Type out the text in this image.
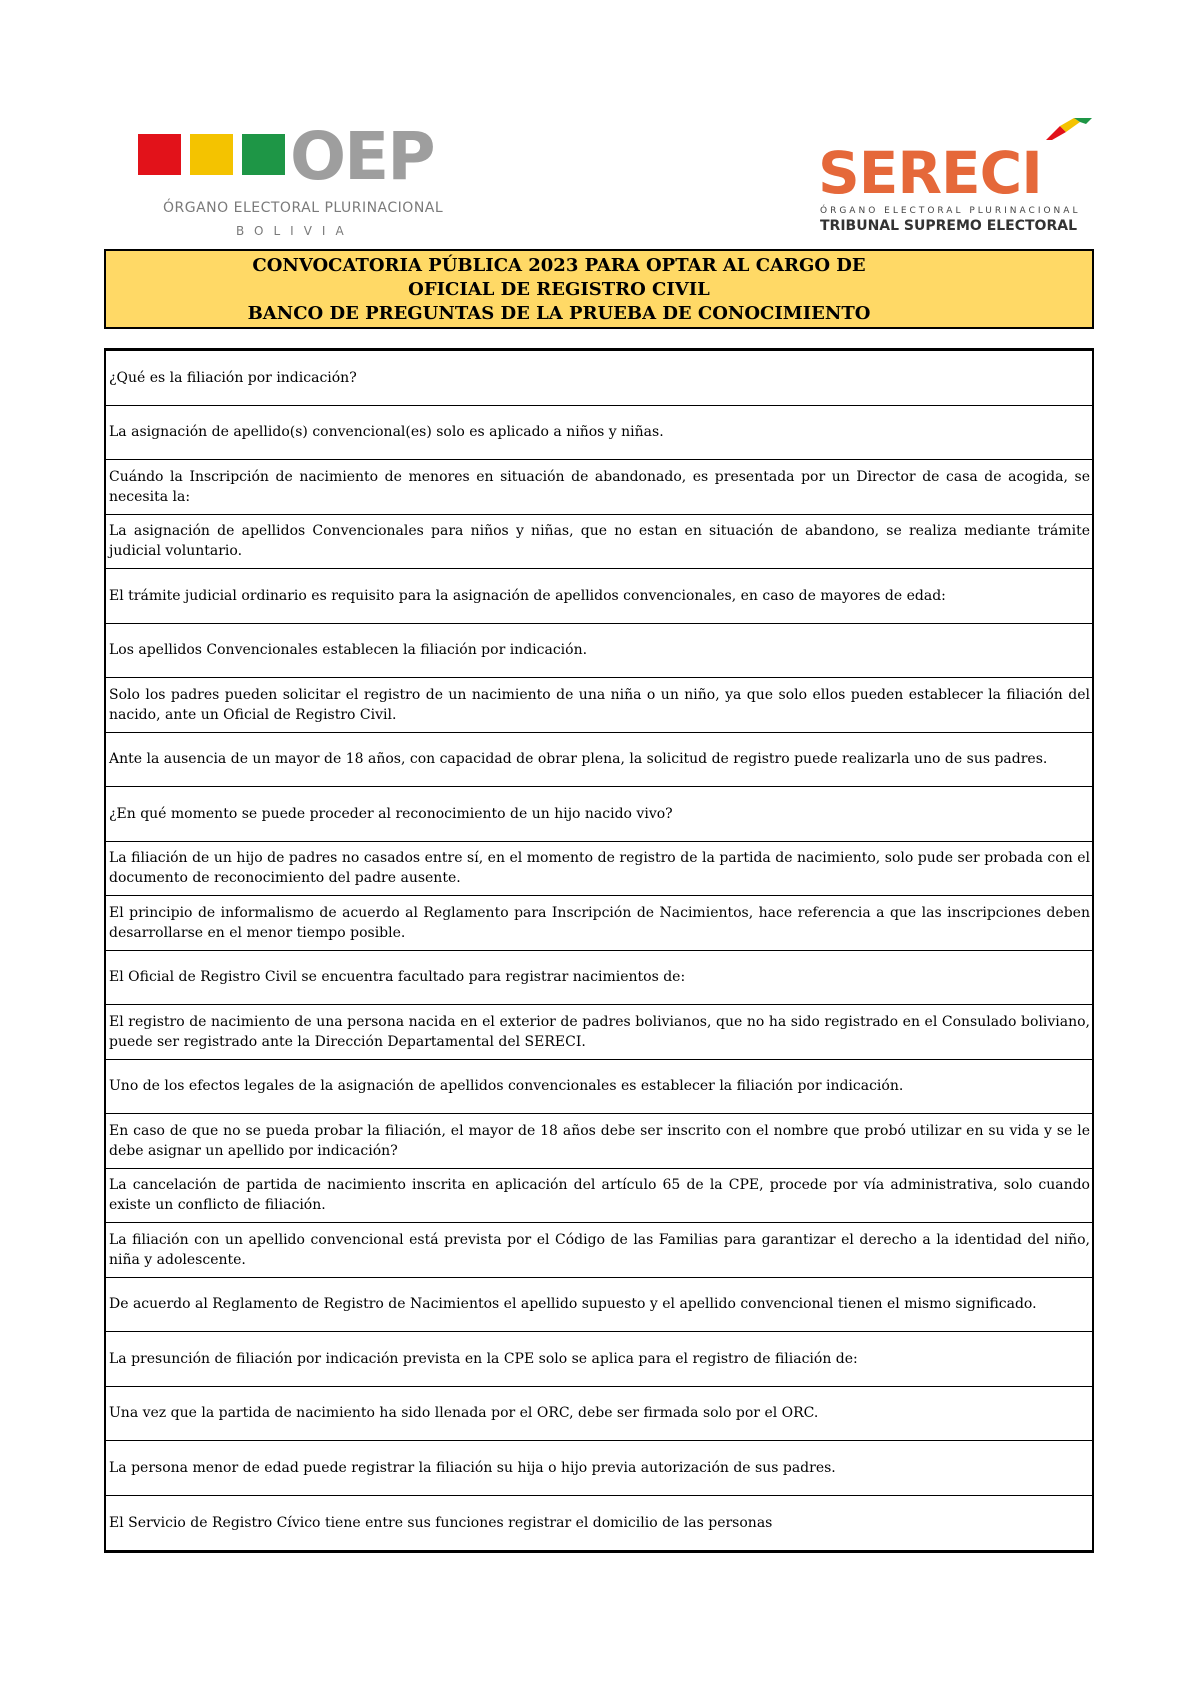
OEP
ÓRGANO ELECTORAL PLURINACIONAL
BOLIVIA
SERECI
ÓRGANO ELECTORAL PLURINACIONAL
TRIBUNAL SUPREMO ELECTORAL
CONVOCATORIA PÚBLICA 2023 PARA OPTAR AL CARGO DE
OFICIAL DE REGISTRO CIVIL
BANCO DE PREGUNTAS DE LA PRUEBA DE CONOCIMIENTO
¿Qué es la filiación por indicación?
La asignación de apellido(s) convencional(es) solo es aplicado a niños y niñas.
Cuándo la Inscripción de nacimiento de menores en situación de abandonado, es presentada por un Director de casa de acogida, se necesita la:
La asignación de apellidos Convencionales para niños y niñas, que no estan en situación de abandono, se realiza mediante trámite judicial voluntario.
El trámite judicial ordinario es requisito para la asignación de apellidos convencionales, en caso de mayores de edad:
Los apellidos Convencionales establecen la filiación por indicación.
Solo los padres pueden solicitar el registro de un nacimiento de una niña o un niño, ya que solo ellos pueden establecer la filiación del nacido, ante un Oficial de Registro Civil.
Ante la ausencia de un mayor de 18 años, con capacidad de obrar plena, la solicitud de registro puede realizarla uno de sus padres.
¿En qué momento se puede proceder al reconocimiento de un hijo nacido vivo?
La filiación de un hijo de padres no casados entre sí, en el momento de registro de la partida de nacimiento, solo pude ser probada con el documento de reconocimiento del padre ausente.
El principio de informalismo de acuerdo al Reglamento para Inscripción de Nacimientos, hace referencia a que las inscripciones deben desarrollarse en el menor tiempo posible.
El Oficial de Registro Civil se encuentra facultado para registrar nacimientos de:
El registro de nacimiento de una persona nacida en el exterior de padres bolivianos, que no ha sido registrado en el Consulado boliviano, puede ser registrado ante la Dirección Departamental del SERECI.
Uno de los efectos legales de la asignación de apellidos convencionales es establecer la filiación por indicación.
En caso de que no se pueda probar la filiación, el mayor de 18 años debe ser inscrito con el nombre que probó utilizar en su vida y se le debe asignar un apellido por indicación?
La cancelación de partida de nacimiento inscrita en aplicación del artículo 65 de la CPE, procede por vía administrativa, solo cuando existe un conflicto de filiación.
La filiación con un apellido convencional está prevista por el Código de las Familias para garantizar el derecho a la identidad del niño, niña y adolescente.
De acuerdo al Reglamento de Registro de Nacimientos el apellido supuesto y el apellido convencional tienen el mismo significado.
La presunción de filiación por indicación prevista en la CPE solo se aplica para el registro de filiación de:
Una vez que la partida de nacimiento ha sido llenada por el ORC, debe ser firmada solo por el ORC.
La persona menor de edad puede registrar la filiación su hija o hijo previa autorización de sus padres.
El Servicio de Registro Cívico tiene entre sus funciones registrar el domicilio de las personas
